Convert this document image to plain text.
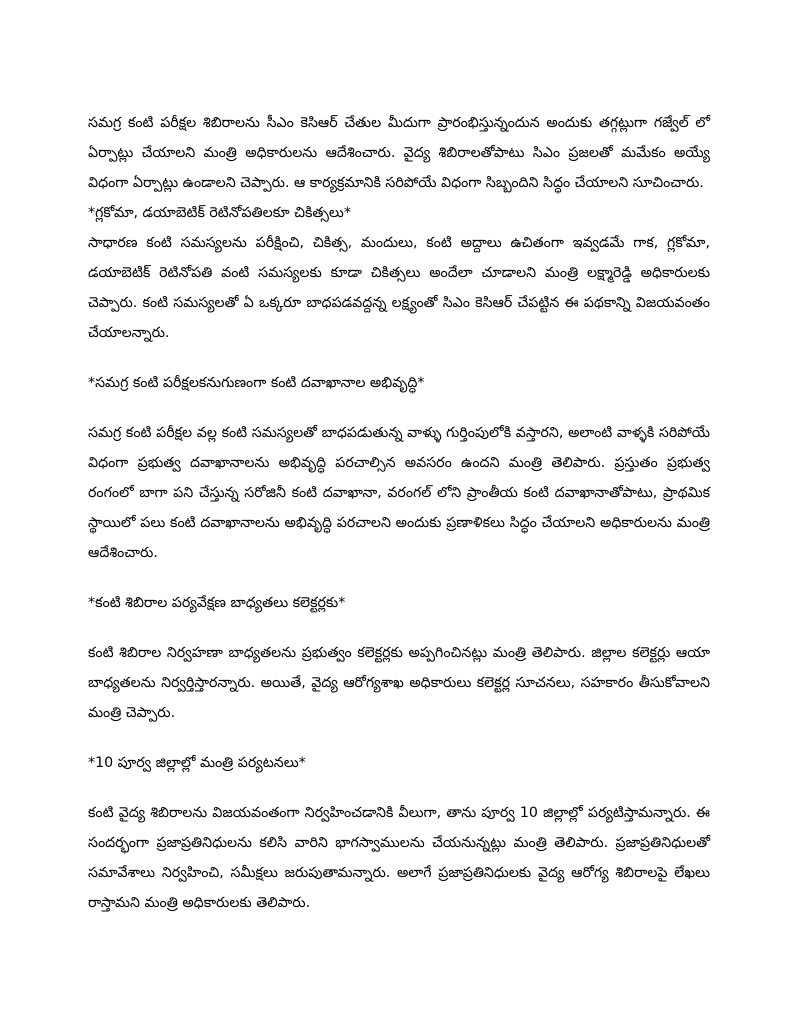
సమగ్ర కంటి పరీక్షల శిబిరాలను సీఎం కెసిఆర్ చేతుల మీదుగా ప్రారంభిస్తున్నందున అందుకు తగ్గట్లుగా గజ్వేల్ లో ఏర్పాట్లు చేయాలని మంత్రి అధికారులను ఆదేశించారు. వైద్య శిబిరాలతోపాటు సిఎం ప్రజలతో మమేకం అయ్యే విధంగా ఏర్పాట్లు ఉండాలని చెప్పారు. ఆ కార్యక్రమానికి సరిపోయే విధంగా సిబ్బందిని సిద్ధం చేయాలని సూచించారు.

*గ్లకోమా, డయాబెటిక్ రెటినోపతిలకూ చికిత్సలు*

సాధారణ కంటి సమస్యలను పరీక్షించి, చికిత్స, మందులు, కంటి అద్దాలు ఉచితంగా ఇవ్వడమే గాక, గ్లకోమా, డయాబెటిక్ రెటినోపతి వంటి సమస్యలకు కూడా చికిత్సలు అందేలా చూడాలని మంత్రి లక్ష్మారెడ్డి అధికారులకు చెప్పారు. కంటి సమస్యలతో ఏ ఒక్కరూ బాధపడవద్దన్న లక్ష్యంతో సిఎం కెసిఆర్ చేపట్టిన ఈ పథకాన్ని విజయవంతం చేయాలన్నారు.

*సమగ్ర కంటి పరీక్షలకనుగుణంగా కంటి దవాఖానాల అభివృద్ధి*

సమగ్ర కంటి పరీక్షల వల్ల కంటి సమస్యలతో బాధపడుతున్న వాళ్ళు గుర్తింపులోకి వస్తారని, అలాంటి వాళ్ళకి సరిపోయే విధంగా ప్రభుత్వ దవాఖానాలను అభివృద్ధి పరచాల్సిన అవసరం ఉందని మంత్రి తెలిపారు. ప్రస్తుతం ప్రభుత్వ రంగంలో బాగా పని చేస్తున్న సరోజినీ కంటి దవాఖానా, వరంగల్ లోని ప్రాంతీయ కంటి దవాఖానాతోపాటు, ప్రాథమిక స్థాయిలో పలు కంటి దవాఖానాలను అభివృద్ధి పరచాలని అందుకు ప్రణాళికలు సిద్ధం చేయాలని అధికారులను మంత్రి ఆదేశించారు.

*కంటి శిబిరాల పర్యవేక్షణ బాధ్యతలు కలెక్టర్లకు*

కంటి శిబిరాల నిర్వహణా బాధ్యతలను ప్రభుత్వం కలెక్టర్లకు అప్పగించినట్లు మంత్రి తెలిపారు. జిల్లాల కలెక్టర్లు ఆయా బాధ్యతలను నిర్వర్తిస్తారన్నారు. అయితే, వైద్య ఆరోగ్యశాఖ అధికారులు కలెక్టర్ల సూచనలు, సహకారం తీసుకోవాలని మంత్రి చెప్పారు.

*10 పూర్వ జిల్లాల్లో మంత్రి పర్యటనలు*

కంటి వైద్య శిబిరాలను విజయవంతంగా నిర్వహించడానికి వీలుగా, తాను పూర్వ 10 జిల్లాల్లో పర్యటిస్తామన్నారు. ఈ సందర్భంగా ప్రజాప్రతినిధులను కలిసి వారిని భాగస్వాములను చేయనున్నట్లు మంత్రి తెలిపారు. ప్రజాప్రతినిధులతో సమావేశాలు నిర్వహించి, సమీక్షలు జరుపుతామన్నారు. అలాగే ప్రజాప్రతినిధులకు వైద్య ఆరోగ్య శిబిరాలపై లేఖలు రాస్తామని మంత్రి అధికారులకు తెలిపారు.
